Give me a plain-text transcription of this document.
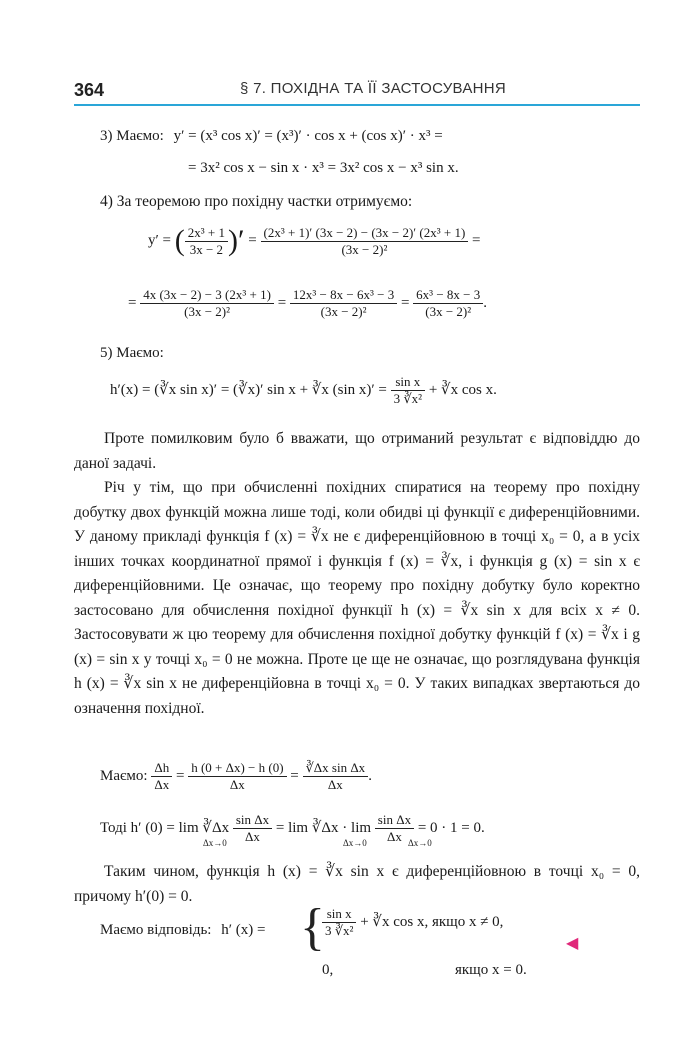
364	§ 7. ПОХІДНА ТА ЇЇ ЗАСТОСУВАННЯ
3) Маємо: y′ = (x³ cos x)′ = (x³)′ · cos x + (cos x)′ · x³ =
= 3x² cos x − sin x · x³ = 3x² cos x − x³ sin x.
4) За теоремою про похідну частки отримуємо:
y′ = ( $\frac{\text{2x³ + 1}}{3x - 2}$ )′ = $\frac{\text{(2x³ + 1)′ (3x − 2) − (3x − 2)′ (2x³ + 1)}}{\text{(3x − 2)²}}$ =
= $\frac{\text{4x (3x − 2) − 3 (2x³ + 1)}}{\text{(3x − 2)²}} = \frac{\text{12x³ − 8x − 6x³ − 3}}{\text{(3x − 2)²}} = \frac{\text{6x³ − 8x − 3}}{\text{(3x − 2)²}}$ .
5) Маємо:
h′(x) = (∛x sin x)′ = (∛x)′ sin x + ∛x (sin $x)' = \frac{\text{sin x}}{\text{3 ∛x²}}$ + ∛x cos x.

Проте помилковим було б вважати, що отриманий результат є відповіддю до даної задачі.

Річ у тім, що при обчисленні похідних спиратися на теорему про похідну добутку двох функцій можна лише тоді, коли обидві ці функції є диференційовними. У даному прикладі функція f (x) = ∛x не є диференційовною в точці x₀ = 0, а в усіх інших точках координатної прямої і функція f (x) = ∛x, і функція g (x) = sin x є диференційовними. Це означає, що теорему про похідну добутку було коректно застосовано для обчислення похідної функції h (x) = ∛x sin x для всіх x ≠ 0. Застосовувати ж цю теорему для обчислення похідної добутку функцій f (x) = ∛x і g (x) = sin x у точці x₀ = 0 не можна. Проте це ще не означає, що розглядувана функція h (x) = ∛x sin x не диференційовна в точці x₀ = 0. У таких випадках звертаються до означення похідної.

Маємо: $\frac{\Delta h}{\Delta x} = \frac{h (0 + \Delta x) - h (0)}{\Delta x} = \frac{\text{∛Δx sin Δx}}{\Delta x}$ .
Тоді h′ (0) = lim ∛Δx $\frac{\text{sin Δx}}{\Delta x} = \lim$ ∛Δx · $\lim \frac{\text{sin Δx}}{\Delta x} = 0 \cdot 1 = 0$.
Δx→0	Δx→0	Δx→0

Таким чином, функція h (x) = ∛x sin x є диференційовною в точці x₀ = 0, причому h′(0) = 0.

Маємо відповідь: h′ (x) = {
$\frac{\text{sin x}}{\text{3 ∛x²}}$ + ∛x cos x, якщо x ≠ 0,
0,	якщо x = 0.
◀
